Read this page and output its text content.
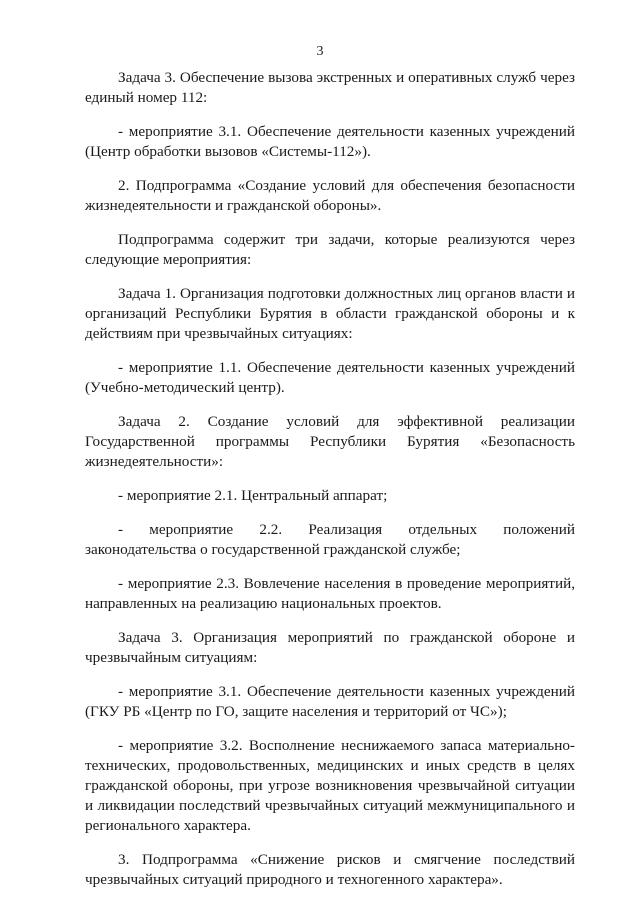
3

Задача 3. Обеспечение вызова экстренных и оперативных служб через единый номер 112:

- мероприятие 3.1. Обеспечение деятельности казенных учреждений (Центр обработки вызовов «Системы-112»).

2. Подпрограмма «Создание условий для обеспечения безопасности жизнедеятельности и гражданской обороны».

Подпрограмма содержит три задачи, которые реализуются через следующие мероприятия:

Задача 1. Организация подготовки должностных лиц органов власти и организаций Республики Бурятия в области гражданской обороны и к действиям при чрезвычайных ситуациях:

- мероприятие 1.1. Обеспечение деятельности казенных учреждений (Учебно-методический центр).

Задача 2. Создание условий для эффективной реализации Государственной программы Республики Бурятия «Безопасность жизнедеятельности»:

- мероприятие 2.1. Центральный аппарат;

- мероприятие 2.2. Реализация отдельных положений законодательства о государственной гражданской службе;

- мероприятие 2.3. Вовлечение населения в проведение мероприятий, направленных на реализацию национальных проектов.

Задача 3. Организация мероприятий по гражданской обороне и чрезвычайным ситуациям:

- мероприятие 3.1. Обеспечение деятельности казенных учреждений (ГКУ РБ «Центр по ГО, защите населения и территорий от ЧС»);

- мероприятие 3.2. Восполнение неснижаемого запаса материально-технических, продовольственных, медицинских и иных средств в целях гражданской обороны, при угрозе возникновения чрезвычайной ситуации и ликвидации последствий чрезвычайных ситуаций межмуниципального и регионального характера.

3. Подпрограмма «Снижение рисков и смягчение последствий чрезвычайных ситуаций природного и техногенного характера».
